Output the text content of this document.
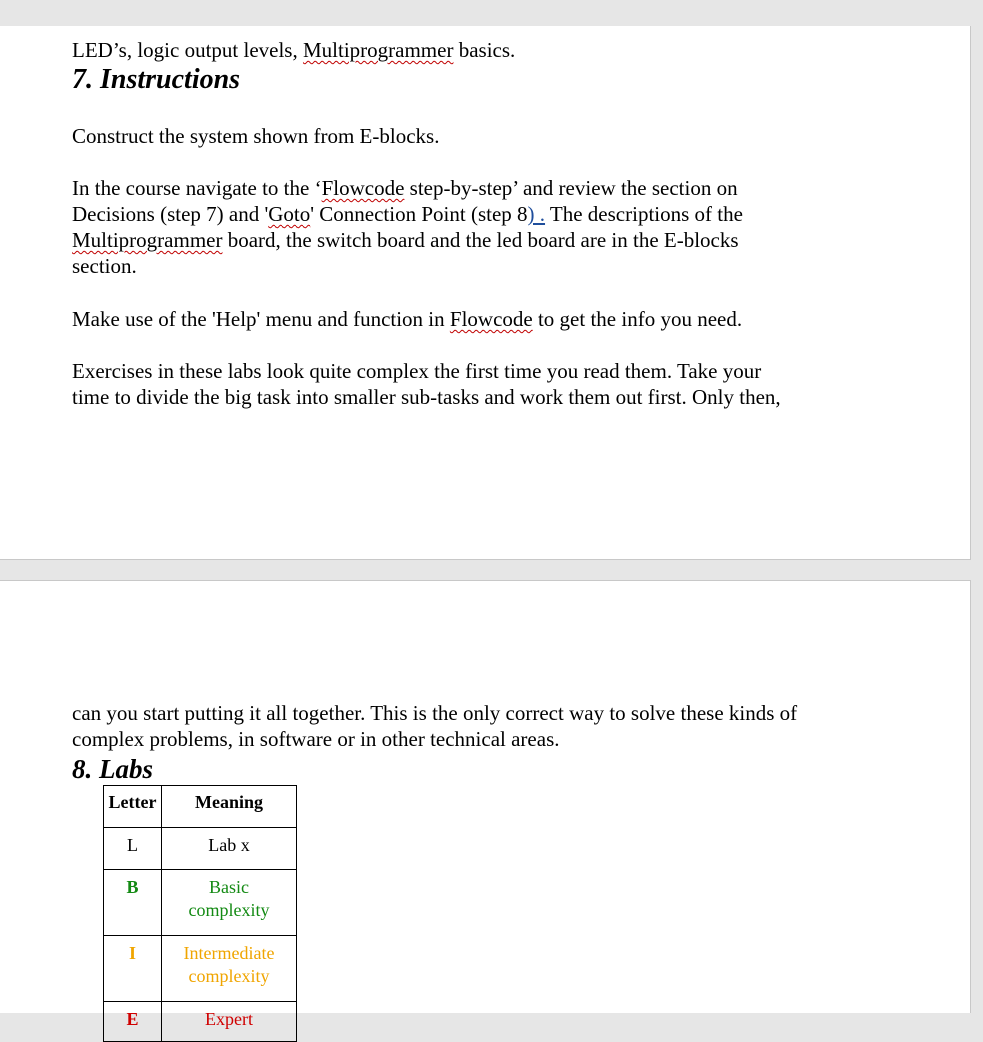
LED’s, logic output levels, Multiprogrammer basics.

7. Instructions

Construct the system shown from E-blocks.

In the course navigate to the ‘Flowcode step-by-step’ and review the section on

Decisions (step 7) and 'Goto' Connection Point (step 8) . The descriptions of the

Multiprogrammer board, the switch board and the led board are in the E-blocks

section.

Make use of the 'Help' menu and function in Flowcode to get the info you need.

Exercises in these labs look quite complex the first time you read them. Take your

time to divide the big task into smaller sub-tasks and work them out first. Only then,

can you start putting it all together. This is the only correct way to solve these kinds of

complex problems, in software or in other technical areas.

8. Labs
Letter	Meaning
L	Lab x

B	Basic
complexity

I	Intermediate
complexity

E	Expert
